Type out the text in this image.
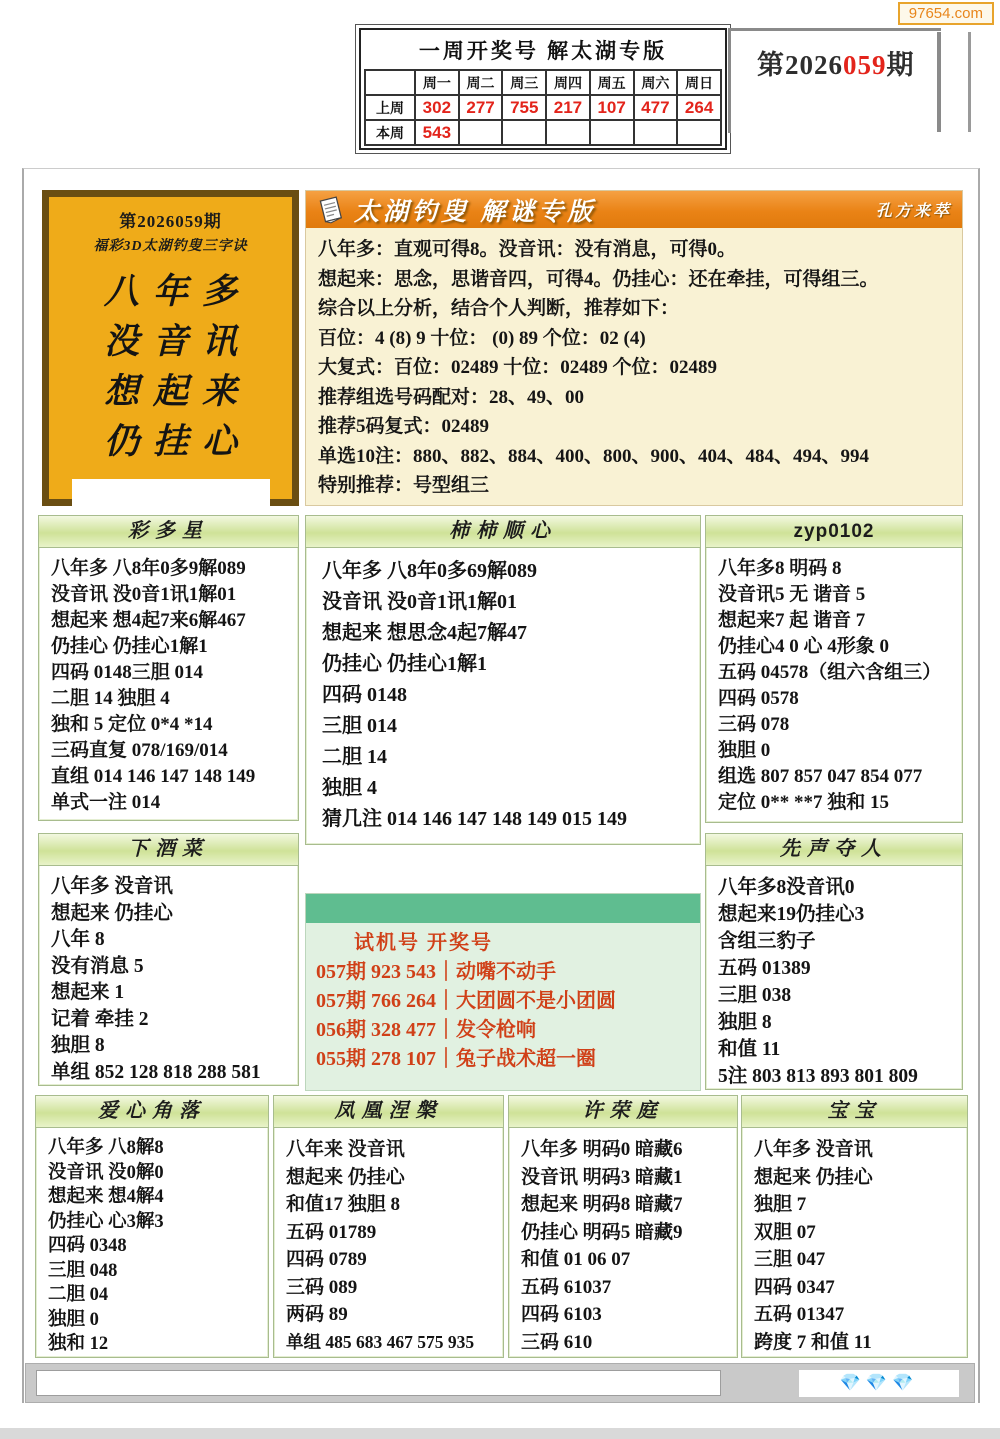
97654.com
一周开奖号 解太湖专版
	周一	周二	周三	周四	周五	周六	周日
上周	302	277	755	217	107	477	264
本周	543						
第2026059期
第2026059期
福彩3D太湖钓叟三字诀
八年多
没音讯
想起来
仍挂心
太湖钓叟 解谜专版	孔方来萃
八年多：直观可得8。没音讯：没有消息，可得0。
想起来：思念，思谐音四，可得4。仍挂心：还在牵挂，可得组三。
综合以上分析，结合个人判断，推荐如下：
百位：4 (8) 9 十位： (0) 89 个位：02 (4)
大复式：百位：02489 十位：02489 个位：02489
推荐组选号码配对：28、49、00
推荐5码复式：02489
单选10注：880、882、884、400、800、900、404、484、494、994
特别推荐：号型组三
彩多星
八年多 八8年0多9解089
没音讯 没0音1讯1解01
想起来 想4起7来6解467
仍挂心 仍挂心1解1
四码 0148三胆 014
二胆 14 独胆 4
独和 5 定位 0*4 *14
三码直复 078/169/014
直组 014 146 147 148 149
单式一注 014
柿柿顺心
八年多 八8年0多69解089
没音讯 没0音1讯1解01
想起来 想思念4起7解47
仍挂心 仍挂心1解1
四码 0148
三胆 014
二胆 14
独胆 4
猜几注 014 146 147 148 149 015 149
zyp0102
八年多8 明码 8
没音讯5 无 谐音 5
想起来7 起 谐音 7
仍挂心4 0 心 4形象 0
五码 04578（组六含组三）
四码 0578
三码 078
独胆 0
组选 807 857 047 854 077
定位 0** **7 独和 15
下酒菜
八年多 没音讯
想起来 仍挂心
八年 8
没有消息 5
想起来 1
记着 牵挂 2
独胆 8
单组 852 128 818 288 581
试机号 开奖号
057期 923 543｜动嘴不动手
057期 766 264｜大团圆不是小团圆
056期 328 477｜发令枪响
055期 278 107｜兔子战术超一圈
先声夺人
八年多8没音讯0
想起来19仍挂心3
含组三豹子
五码 01389
三胆 038
独胆 8
和值 11
5注 803 813 893 801 809
爱心角落
八年多 八8解8
没音讯 没0解0
想起来 想4解4
仍挂心 心3解3
四码 0348
三胆 048
二胆 04
独胆 0
独和 12
凤凰涅槃
八年来 没音讯
想起来 仍挂心
和值17 独胆 8
五码 01789
四码 0789
三码 089
两码 89
单组 485 683 467 575 935
许荣庭
八年多 明码0 暗藏6
没音讯 明码3 暗藏1
想起来 明码8 暗藏7
仍挂心 明码5 暗藏9
和值 01 06 07
五码 61037
四码 6103
三码 610
宝宝
八年多 没音讯
想起来 仍挂心
独胆 7
双胆 07
三胆 047
四码 0347
五码 01347
跨度 7 和值 11
💎💎💎
